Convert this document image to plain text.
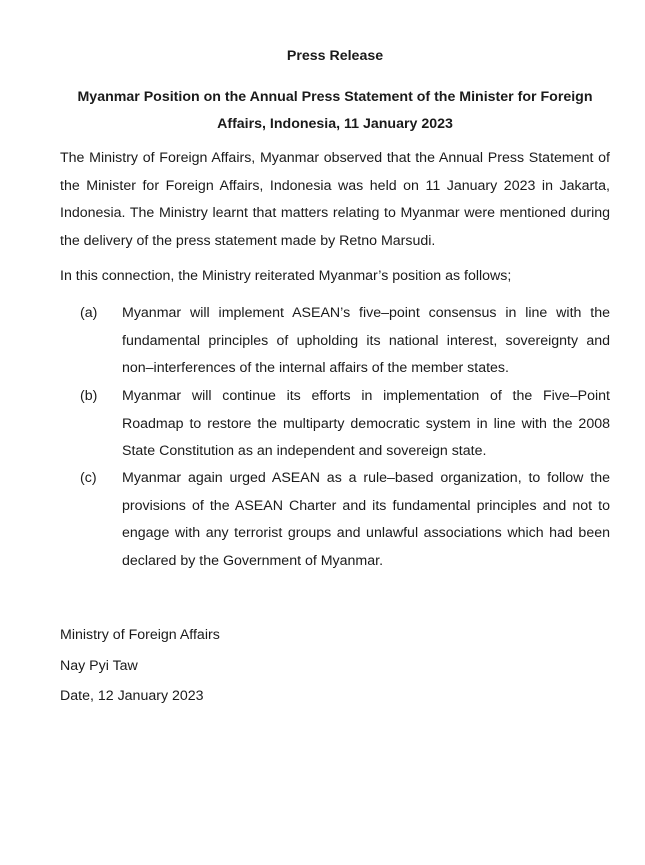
Press Release
Myanmar Position on the Annual Press Statement of the Minister for Foreign Affairs, Indonesia, 11 January 2023

The Ministry of Foreign Affairs, Myanmar observed that the Annual Press Statement of the Minister for Foreign Affairs, Indonesia was held on 11 January 2023 in Jakarta, Indonesia. The Ministry learnt that matters relating to Myanmar were mentioned during the delivery of the press statement made by Retno Marsudi.

In this connection, the Ministry reiterated Myanmar’s position as follows;

(a) Myanmar will implement ASEAN’s five–point consensus in line with the fundamental principles of upholding its national interest, sovereignty and non–interferences of the internal affairs of the member states.
(b) Myanmar will continue its efforts in implementation of the Five–Point Roadmap to restore the multiparty democratic system in line with the 2008 State Constitution as an independent and sovereign state.
(c) Myanmar again urged ASEAN as a rule–based organization, to follow the provisions of the ASEAN Charter and its fundamental principles and not to engage with any terrorist groups and unlawful associations which had been declared by the Government of Myanmar.
Ministry of Foreign Affairs
Nay Pyi Taw
Date, 12 January 2023
